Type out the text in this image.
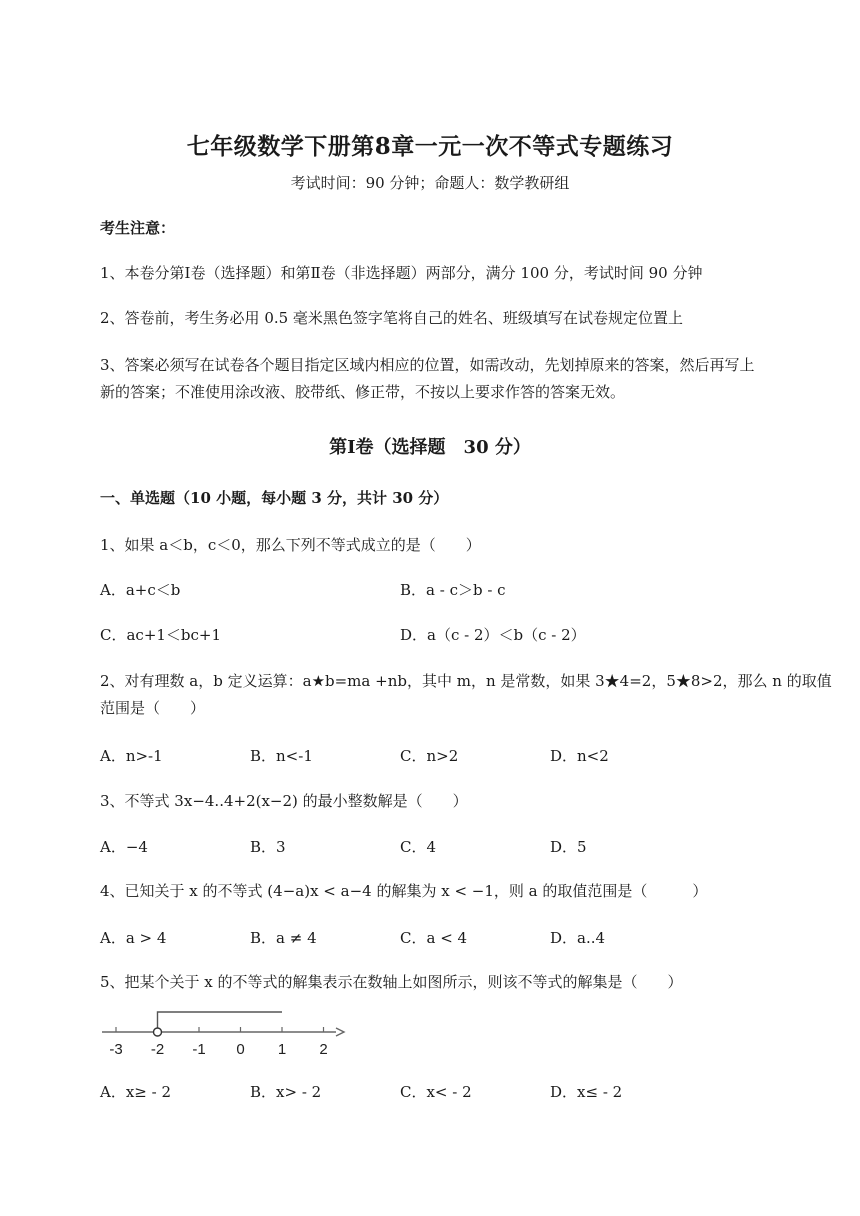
七年级数学下册第8章一元一次不等式专题练习
考试时间：90 分钟；命题人：数学教研组
考生注意：
1、本卷分第Ⅰ卷（选择题）和第Ⅱ卷（非选择题）两部分，满分 100 分，考试时间 90 分钟
2、答卷前，考生务必用 0.5 毫米黑色签字笔将自己的姓名、班级填写在试卷规定位置上
3、答案必须写在试卷各个题目指定区域内相应的位置，如需改动，先划掉原来的答案，然后再写上新的答案；不准使用涂改液、胶带纸、修正带，不按以上要求作答的答案无效。
第Ⅰ卷（选择题　30 分）
一、单选题（10 小题，每小题 3 分，共计 30 分）
1、如果 a＜b，c＜0，那么下列不等式成立的是（　　）
A．a+c＜b	B．a - c＞b - c
C．ac+1＜bc+1	D．a（c - 2）＜b（c - 2）
2、对有理数 a，b 定义运算：a★b=ma +nb，其中 m，n 是常数，如果 3★4=2，5★8>2，那么 n 的取值
范围是（　　）
A．n>-1	B．n<-1	C．n>2	D．n<2
3、不等式 3x−4..4+2(x−2) 的最小整数解是（　　）
A．−4	B．3	C．4	D．5
4、已知关于 x 的不等式 (4−a)x < a−4 的解集为 x < −1，则 a 的取值范围是（　　　）
A．a > 4	B．a ≠ 4	C．a < 4	D．a..4
5、把某个关于 x 的不等式的解集表示在数轴上如图所示，则该不等式的解集是（　　）
-3 -2 -1 0 1 2
A．x≥ - 2	B．x> - 2	C．x< - 2	D．x≤ - 2
